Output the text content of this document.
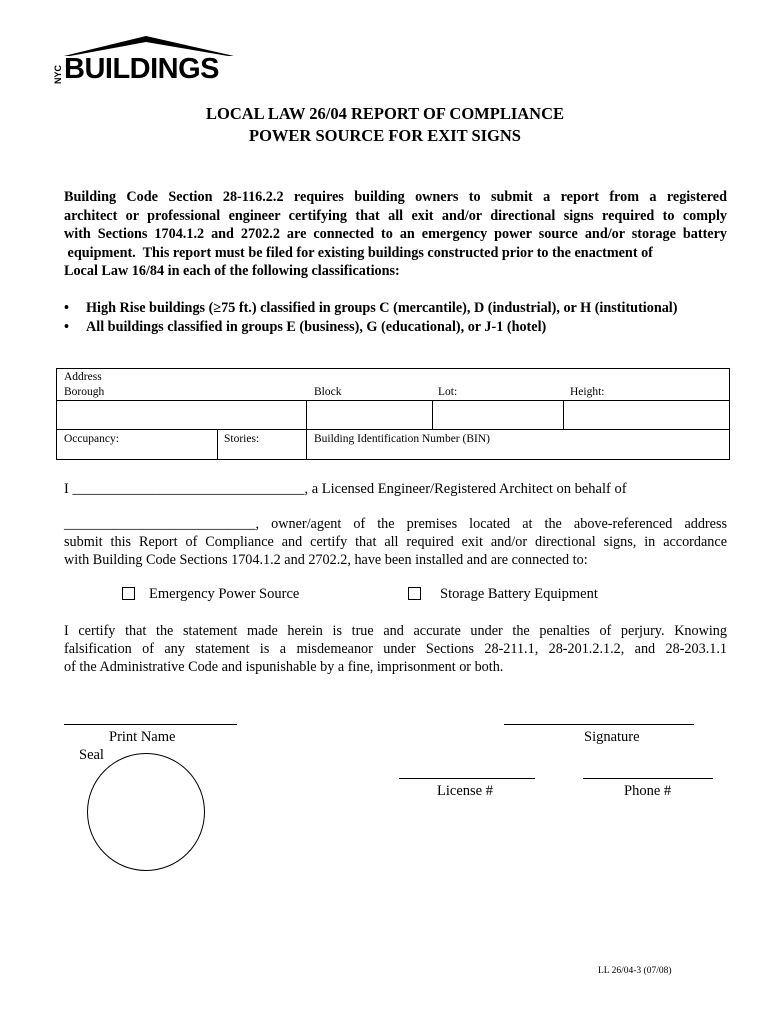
NYC BUILDINGS
LOCAL LAW 26/04 REPORT OF COMPLIANCE
POWER SOURCE FOR EXIT SIGNS
Building Code Section 28-116.2.2 requires building owners to submit a report from a registered
architect or professional engineer certifying that all exit and/or directional signs required to comply
with Sections 1704.1.2 and 2702.2 are connected to an emergency power source and/or storage battery
equipment.  This report must be filed for existing buildings constructed prior to the enactment of
Local Law 16/84 in each of the following classifications:
• High Rise buildings (≥75 ft.) classified in groups C (mercantile), D (industrial), or H (institutional)
• All buildings classified in groups E (business), G (educational), or J-1 (hotel)
Address
Borough	Block	Lot:	Height:
Occupancy:	Stories:	Building Identification Number (BIN)
I ________________________________, a Licensed Engineer/Registered Architect on behalf of
___________________________, owner/agent of the premises located at the above-referenced address
submit this Report of Compliance and certify that all required exit and/or directional signs, in accordance
with Building Code Sections 1704.1.2 and 2702.2, have been installed and are connected to:
Emergency Power Source	Storage Battery Equipment
I certify that the statement made herein is true and accurate under the penalties of perjury. Knowing
falsification of any statement is a misdemeanor under Sections 28-211.1, 28-201.2.1.2, and 28-203.1.1
of the Administrative Code and ispunishable by a fine, imprisonment or both.
Print Name	Signature
Seal
License #	Phone #
LL 26/04-3 (07/08)
